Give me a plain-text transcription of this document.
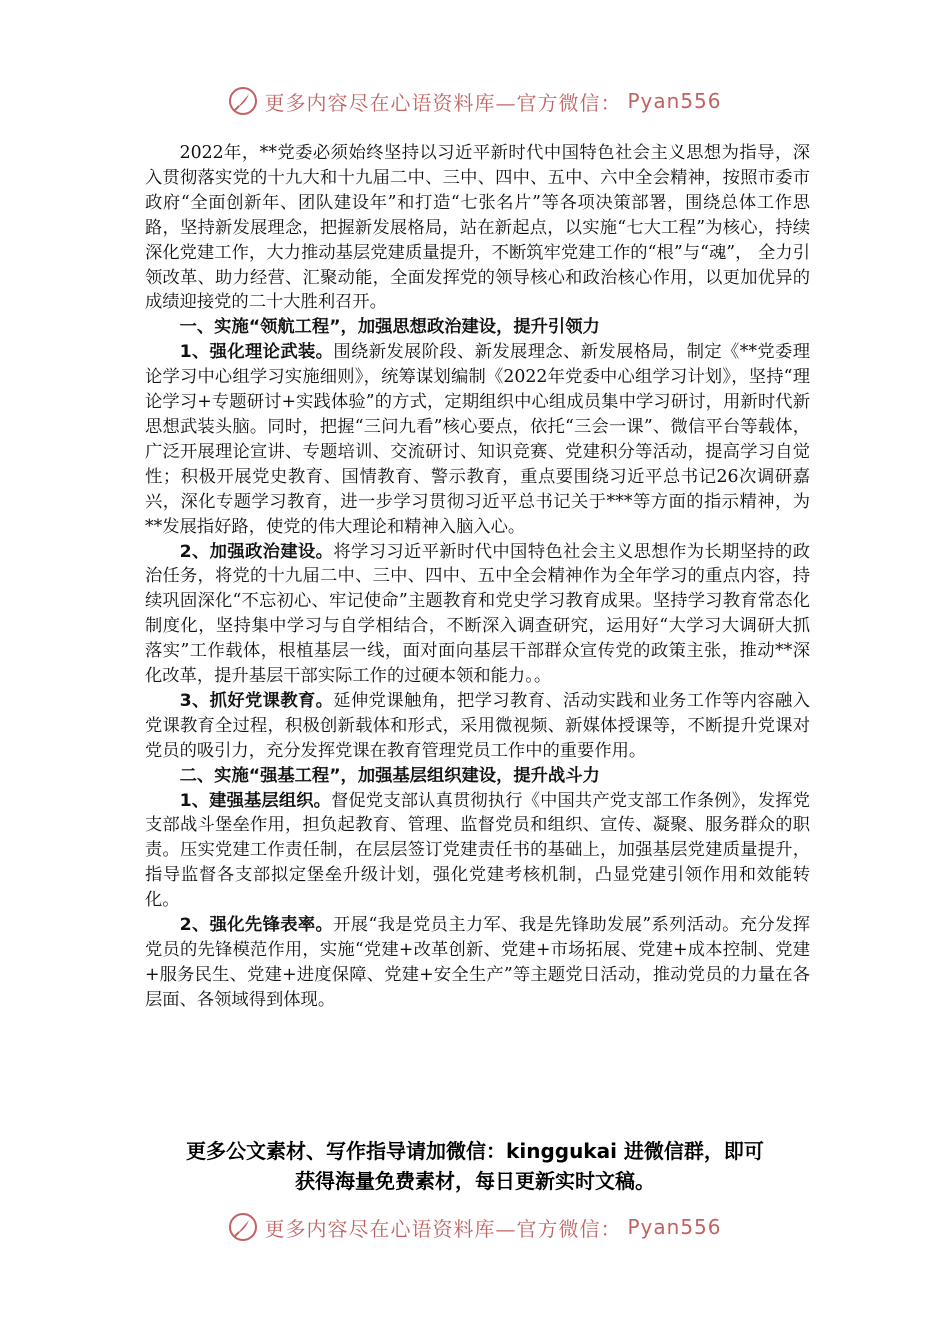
更多内容尽在心语资料库—官方微信： Pyan556

2022年，**党委必须始终坚持以习近平新时代中国特色社会主义思想为指导，深入贯彻落实党的十九大和十九届二中、三中、四中、五中、六中全会精神，按照市委市政府“全面创新年、团队建设年”和打造“七张名片”等各项决策部署，围绕总体工作思路，坚持新发展理念，把握新发展格局，站在新起点，以实施“七大工程”为核心，持续深化党建工作，大力推动基层党建质量提升，不断筑牢党建工作的“根”与“魂”， 全力引领改革、助力经营、汇聚动能，全面发挥党的领导核心和政治核心作用，以更加优异的成绩迎接党的二十大胜利召开。

一、实施“领航工程”，加强思想政治建设，提升引领力

1、强化理论武装。围绕新发展阶段、新发展理念、新发展格局，制定《**党委理论学习中心组学习实施细则》，统筹谋划编制《2022年党委中心组学习计划》，坚持“理论学习+专题研讨+实践体验”的方式，定期组织中心组成员集中学习研讨，用新时代新思想武装头脑。同时，把握“三问九看”核心要点，依托“三会一课”、微信平台等载体，广泛开展理论宣讲、专题培训、交流研讨、知识竞赛、党建积分等活动，提高学习自觉性；积极开展党史教育、国情教育、警示教育，重点要围绕习近平总书记26次调研嘉兴，深化专题学习教育，进一步学习贯彻习近平总书记关于***等方面的指示精神，为**发展指好路，使党的伟大理论和精神入脑入心。

2、加强政治建设。将学习习近平新时代中国特色社会主义思想作为长期坚持的政治任务，将党的十九届二中、三中、四中、五中全会精神作为全年学习的重点内容，持续巩固深化“不忘初心、牢记使命”主题教育和党史学习教育成果。坚持学习教育常态化制度化，坚持集中学习与自学相结合，不断深入调查研究，运用好“大学习大调研大抓落实”工作载体，根植基层一线，面对面向基层干部群众宣传党的政策主张，推动**深化改革，提升基层干部实际工作的过硬本领和能力。。

3、抓好党课教育。延伸党课触角，把学习教育、活动实践和业务工作等内容融入党课教育全过程，积极创新载体和形式，采用微视频、新媒体授课等，不断提升党课对党员的吸引力，充分发挥党课在教育管理党员工作中的重要作用。

二、实施“强基工程”，加强基层组织建设，提升战斗力

1、建强基层组织。督促党支部认真贯彻执行《中国共产党支部工作条例》，发挥党支部战斗堡垒作用，担负起教育、管理、监督党员和组织、宣传、凝聚、服务群众的职责。压实党建工作责任制，在层层签订党建责任书的基础上，加强基层党建质量提升，指导监督各支部拟定堡垒升级计划，强化党建考核机制，凸显党建引领作用和效能转化。

2、强化先锋表率。开展“我是党员主力军、我是先锋助发展”系列活动。充分发挥党员的先锋模范作用，实施“党建+改革创新、党建+市场拓展、党建+成本控制、党建+服务民生、党建+进度保障、党建+安全生产”等主题党日活动，推动党员的力量在各层面、各领域得到体现。

更多公文素材、写作指导请加微信：kinggukai 进微信群，即可
获得海量免费素材，每日更新实时文稿。
更多内容尽在心语资料库—官方微信： Pyan556
